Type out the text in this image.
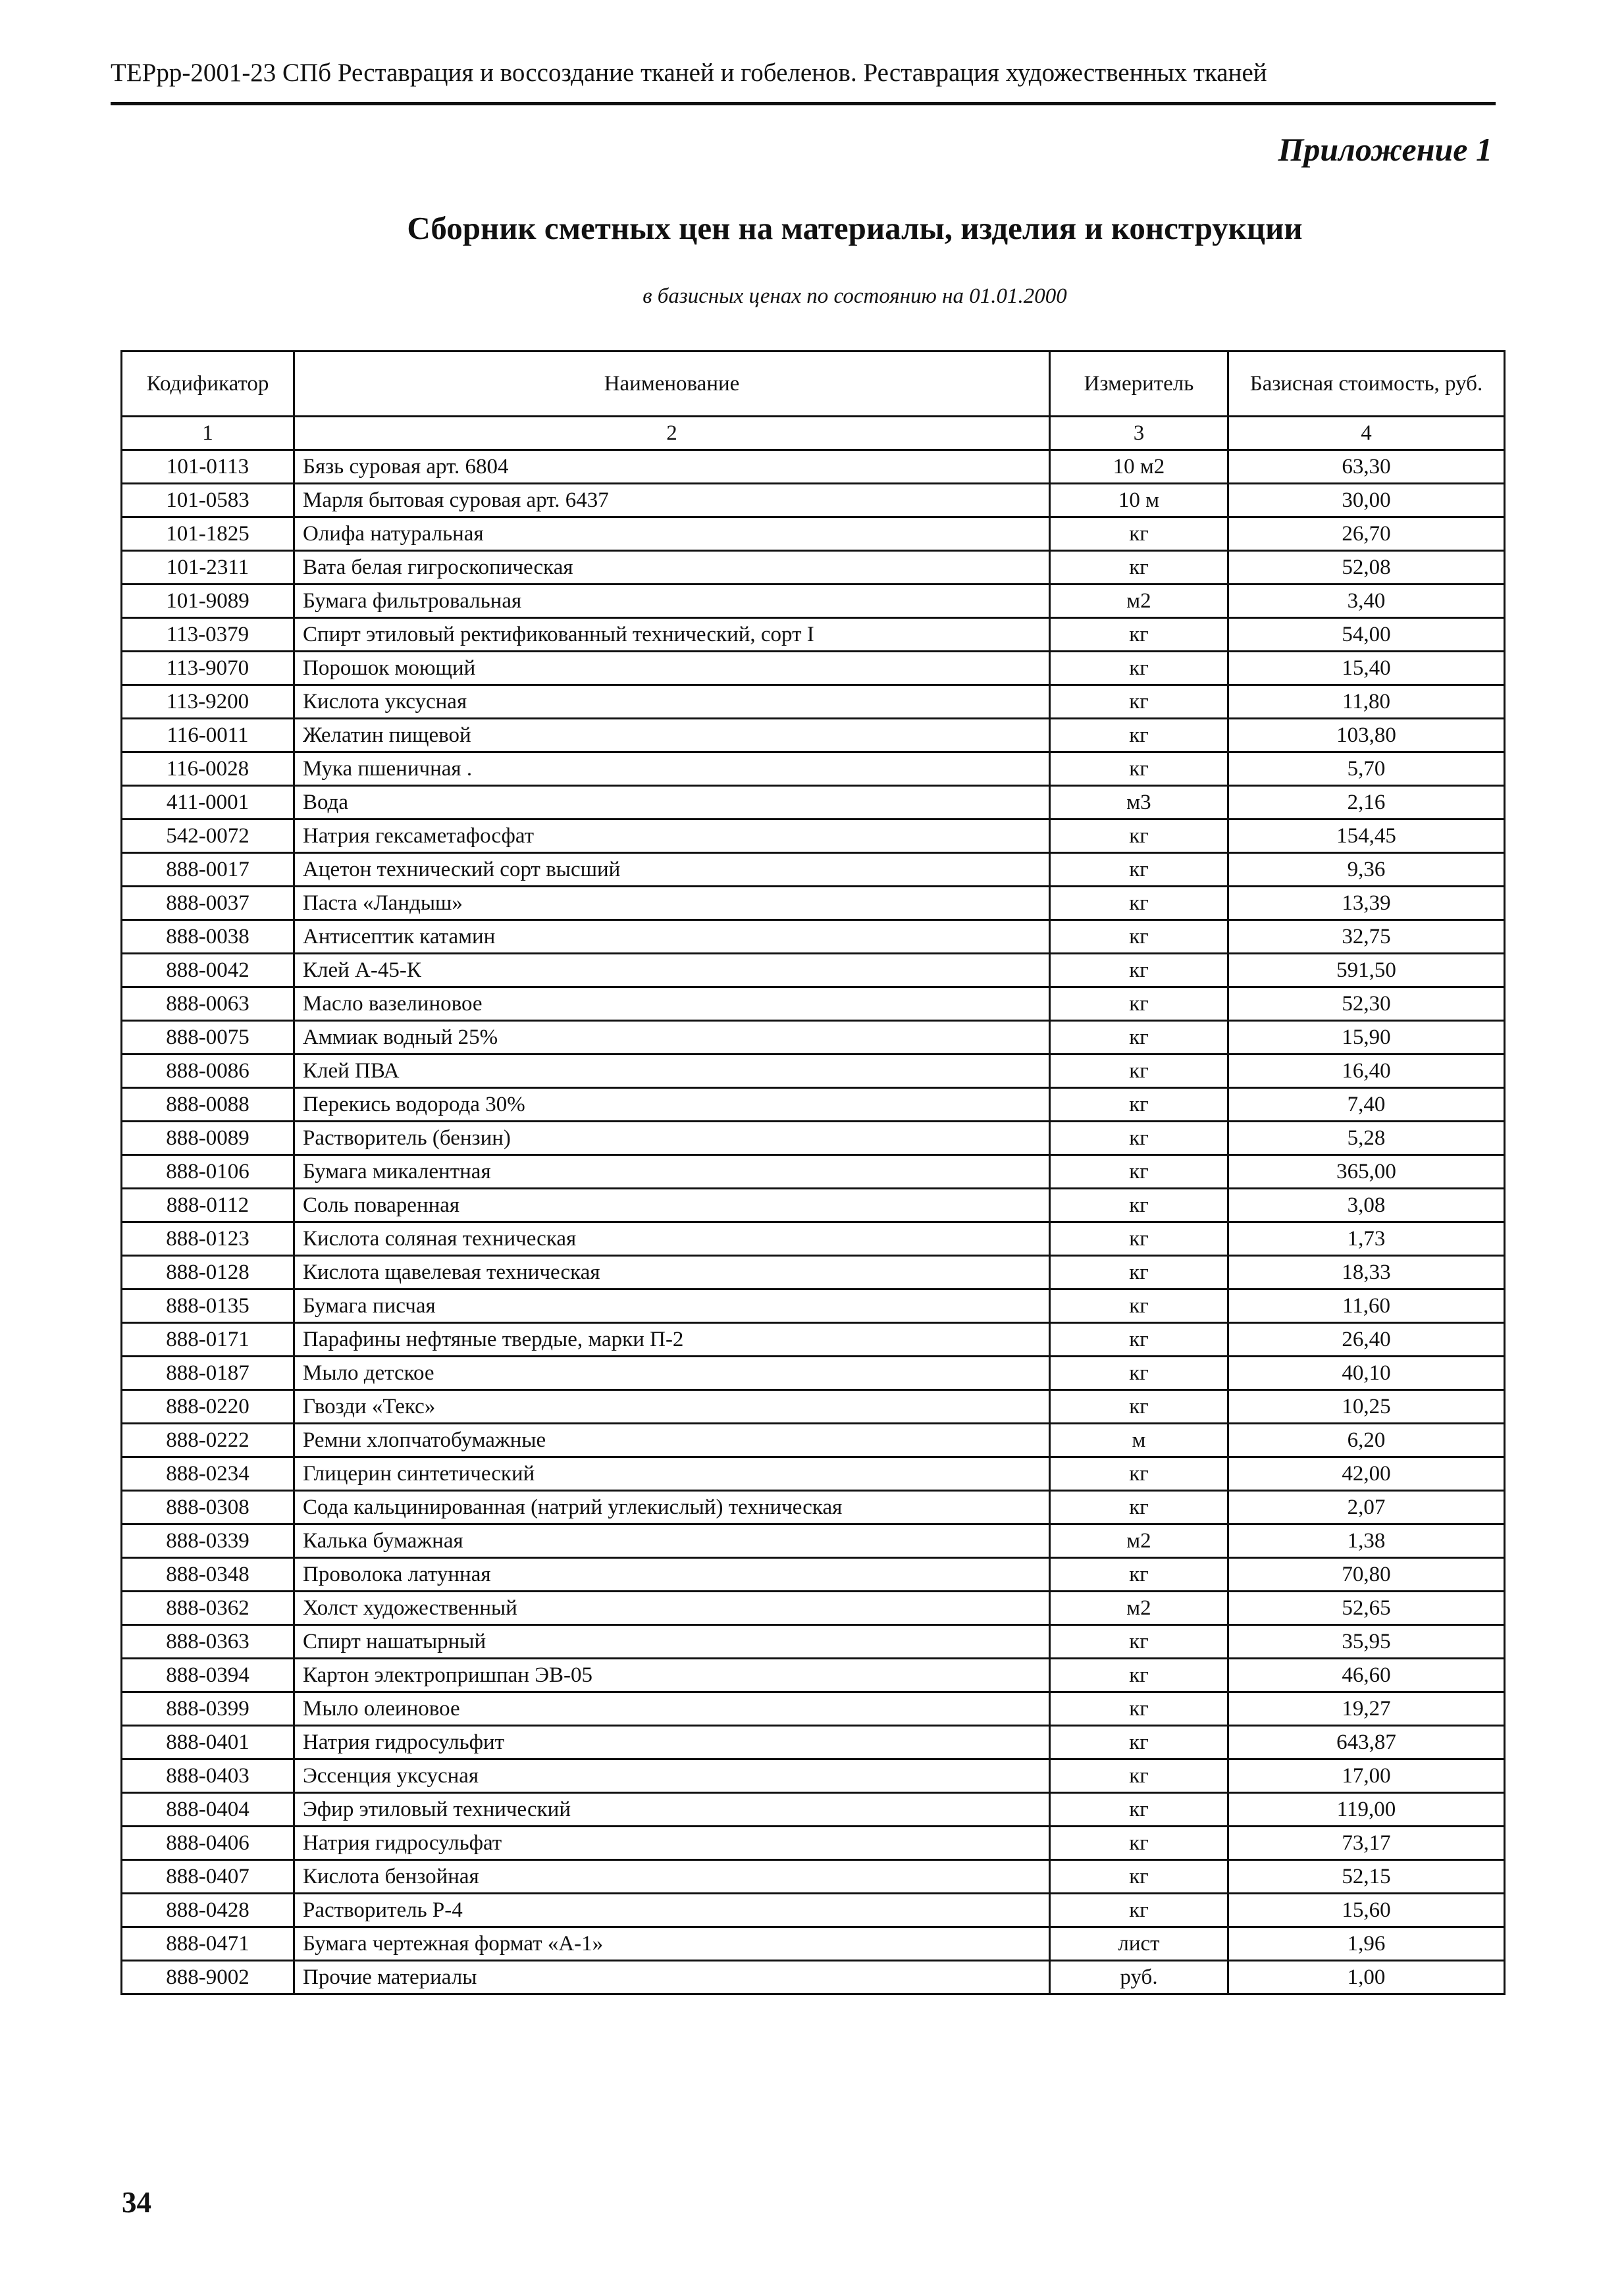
ТЕРрр-2001-23 СПб Реставрация и воссоздание тканей и гобеленов. Реставрация художественных тканей
Приложение 1
Сборник сметных цен на материалы, изделия и конструкции
в базисных ценах по состоянию на 01.01.2000
Кодификатор	Наименование	Измеритель	Базисная стоимость, руб.
1	2	3	4
101-0113	Бязь суровая арт. 6804	10 м2	63,30
101-0583	Марля бытовая суровая арт. 6437	10 м	30,00
101-1825	Олифа натуральная	кг	26,70
101-2311	Вата белая гигроскопическая	кг	52,08
101-9089	Бумага фильтровальная	м2	3,40
113-0379	Спирт этиловый ректификованный технический, сорт I	кг	54,00
113-9070	Порошок моющий	кг	15,40
113-9200	Кислота уксусная	кг	11,80
116-0011	Желатин пищевой	кг	103,80
116-0028	Мука пшеничная .	кг	5,70
411-0001	Вода	м3	2,16
542-0072	Натрия гексаметафосфат	кг	154,45
888-0017	Ацетон технический сорт высший	кг	9,36
888-0037	Паста «Ландыш»	кг	13,39
888-0038	Антисептик катамин	кг	32,75
888-0042	Клей А-45-К	кг	591,50
888-0063	Масло вазелиновое	кг	52,30
888-0075	Аммиак водный 25%	кг	15,90
888-0086	Клей ПВА	кг	16,40
888-0088	Перекись водорода 30%	кг	7,40
888-0089	Растворитель (бензин)	кг	5,28
888-0106	Бумага микалентная	кг	365,00
888-0112	Соль поваренная	кг	3,08
888-0123	Кислота соляная техническая	кг	1,73
888-0128	Кислота щавелевая техническая	кг	18,33
888-0135	Бумага писчая	кг	11,60
888-0171	Парафины нефтяные твердые, марки П-2	кг	26,40
888-0187	Мыло детское	кг	40,10
888-0220	Гвозди «Текс»	кг	10,25
888-0222	Ремни хлопчатобумажные	м	6,20
888-0234	Глицерин синтетический	кг	42,00
888-0308	Сода кальцинированная (натрий углекислый) техническая	кг	2,07
888-0339	Калька бумажная	м2	1,38
888-0348	Проволока латунная	кг	70,80
888-0362	Холст художественный	м2	52,65
888-0363	Спирт нашатырный	кг	35,95
888-0394	Картон электропришпан ЭВ-05	кг	46,60
888-0399	Мыло олеиновое	кг	19,27
888-0401	Натрия гидросульфит	кг	643,87
888-0403	Эссенция уксусная	кг	17,00
888-0404	Эфир этиловый технический	кг	119,00
888-0406	Натрия гидросульфат	кг	73,17
888-0407	Кислота бензойная	кг	52,15
888-0428	Растворитель Р-4	кг	15,60
888-0471	Бумага чертежная формат «А-1»	лист	1,96
888-9002	Прочие материалы	руб.	1,00
34
